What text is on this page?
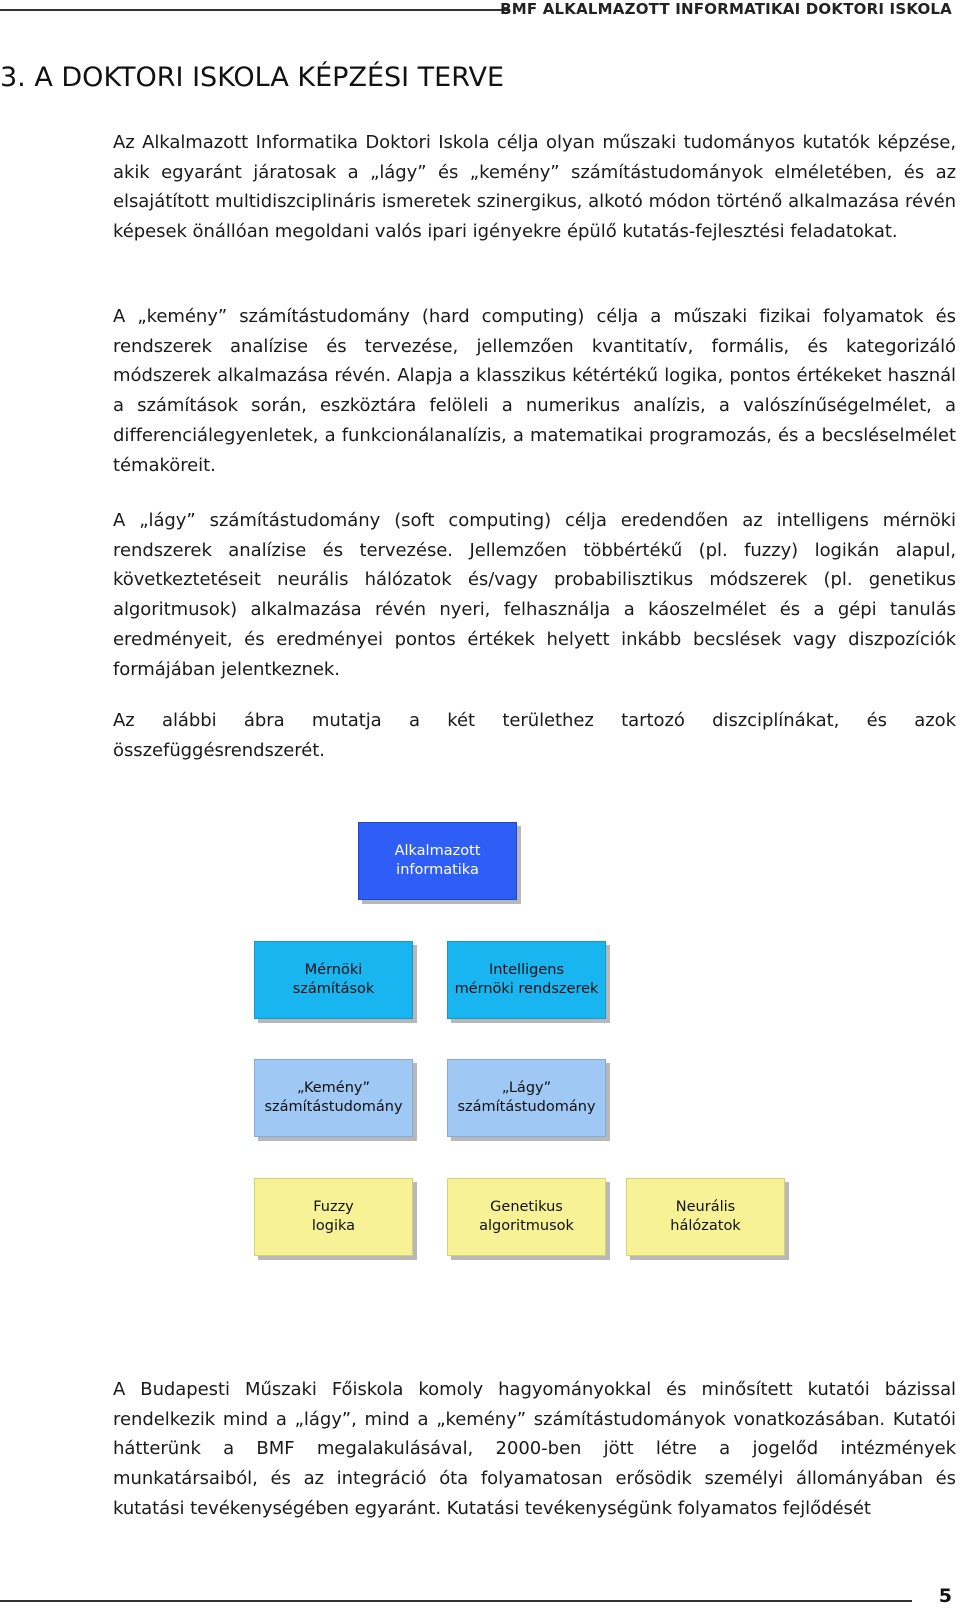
BMF ALKALMAZOTT INFORMATIKAI DOKTORI ISKOLA
3. A DOKTORI ISKOLA KÉPZÉSI TERVE

Az Alkalmazott Informatika Doktori Iskola célja olyan műszaki tudományos kutatók képzése, akik egyaránt járatosak a „lágy” és „kemény” számítástudományok elméletében, és az elsajátított multidiszciplináris ismeretek szinergikus, alkotó módon történő alkalmazása révén képesek önállóan megoldani valós ipari igényekre épülő kutatás-fejlesztési feladatokat.

A „kemény” számítástudomány (hard computing) célja a műszaki fizikai folyamatok és rendszerek analízise és tervezése, jellemzően kvantitatív, formális, és kategorizáló módszerek alkalmazása révén. Alapja a klasszikus kétértékű logika, pontos értékeket használ a számítások során, eszköztára felöleli a numerikus analízis, a valószínűségelmélet, a differenciálegyenletek, a funkcionálanalízis, a matematikai programozás, és a becsléselmélet témaköreit.

A „lágy” számítástudomány (soft computing) célja eredendően az intelligens mérnöki rendszerek analízise és tervezése. Jellemzően többértékű (pl. fuzzy) logikán alapul, következtetéseit neurális hálózatok és/vagy probabilisztikus módszerek (pl. genetikus algoritmusok) alkalmazása révén nyeri, felhasználja a káoszelmélet és a gépi tanulás eredményeit, és eredményei pontos értékek helyett inkább becslések vagy diszpozíciók formájában jelentkeznek.

Az alábbi ábra mutatja a két területhez tartozó diszciplínákat, és azok összefüggésrendszerét.

Alkalmazott
informatika
Mérnöki
számítások
Intelligens
mérnöki rendszerek
„Kemény”
számítástudomány
„Lágy”
számítástudomány
Fuzzy
logika
Genetikus
algoritmusok
Neurális
hálózatok

A Budapesti Műszaki Főiskola komoly hagyományokkal és minősített kutatói bázissal rendelkezik mind a „lágy”, mind a „kemény” számítástudományok vonatkozásában. Kutatói hátterünk a BMF megalakulásával, 2000-ben jött létre a jogelőd intézmények munkatársaiból, és az integráció óta folyamatosan erősödik személyi állományában és kutatási tevékenységében egyaránt. Kutatási tevékenységünk folyamatos fejlődését

5
